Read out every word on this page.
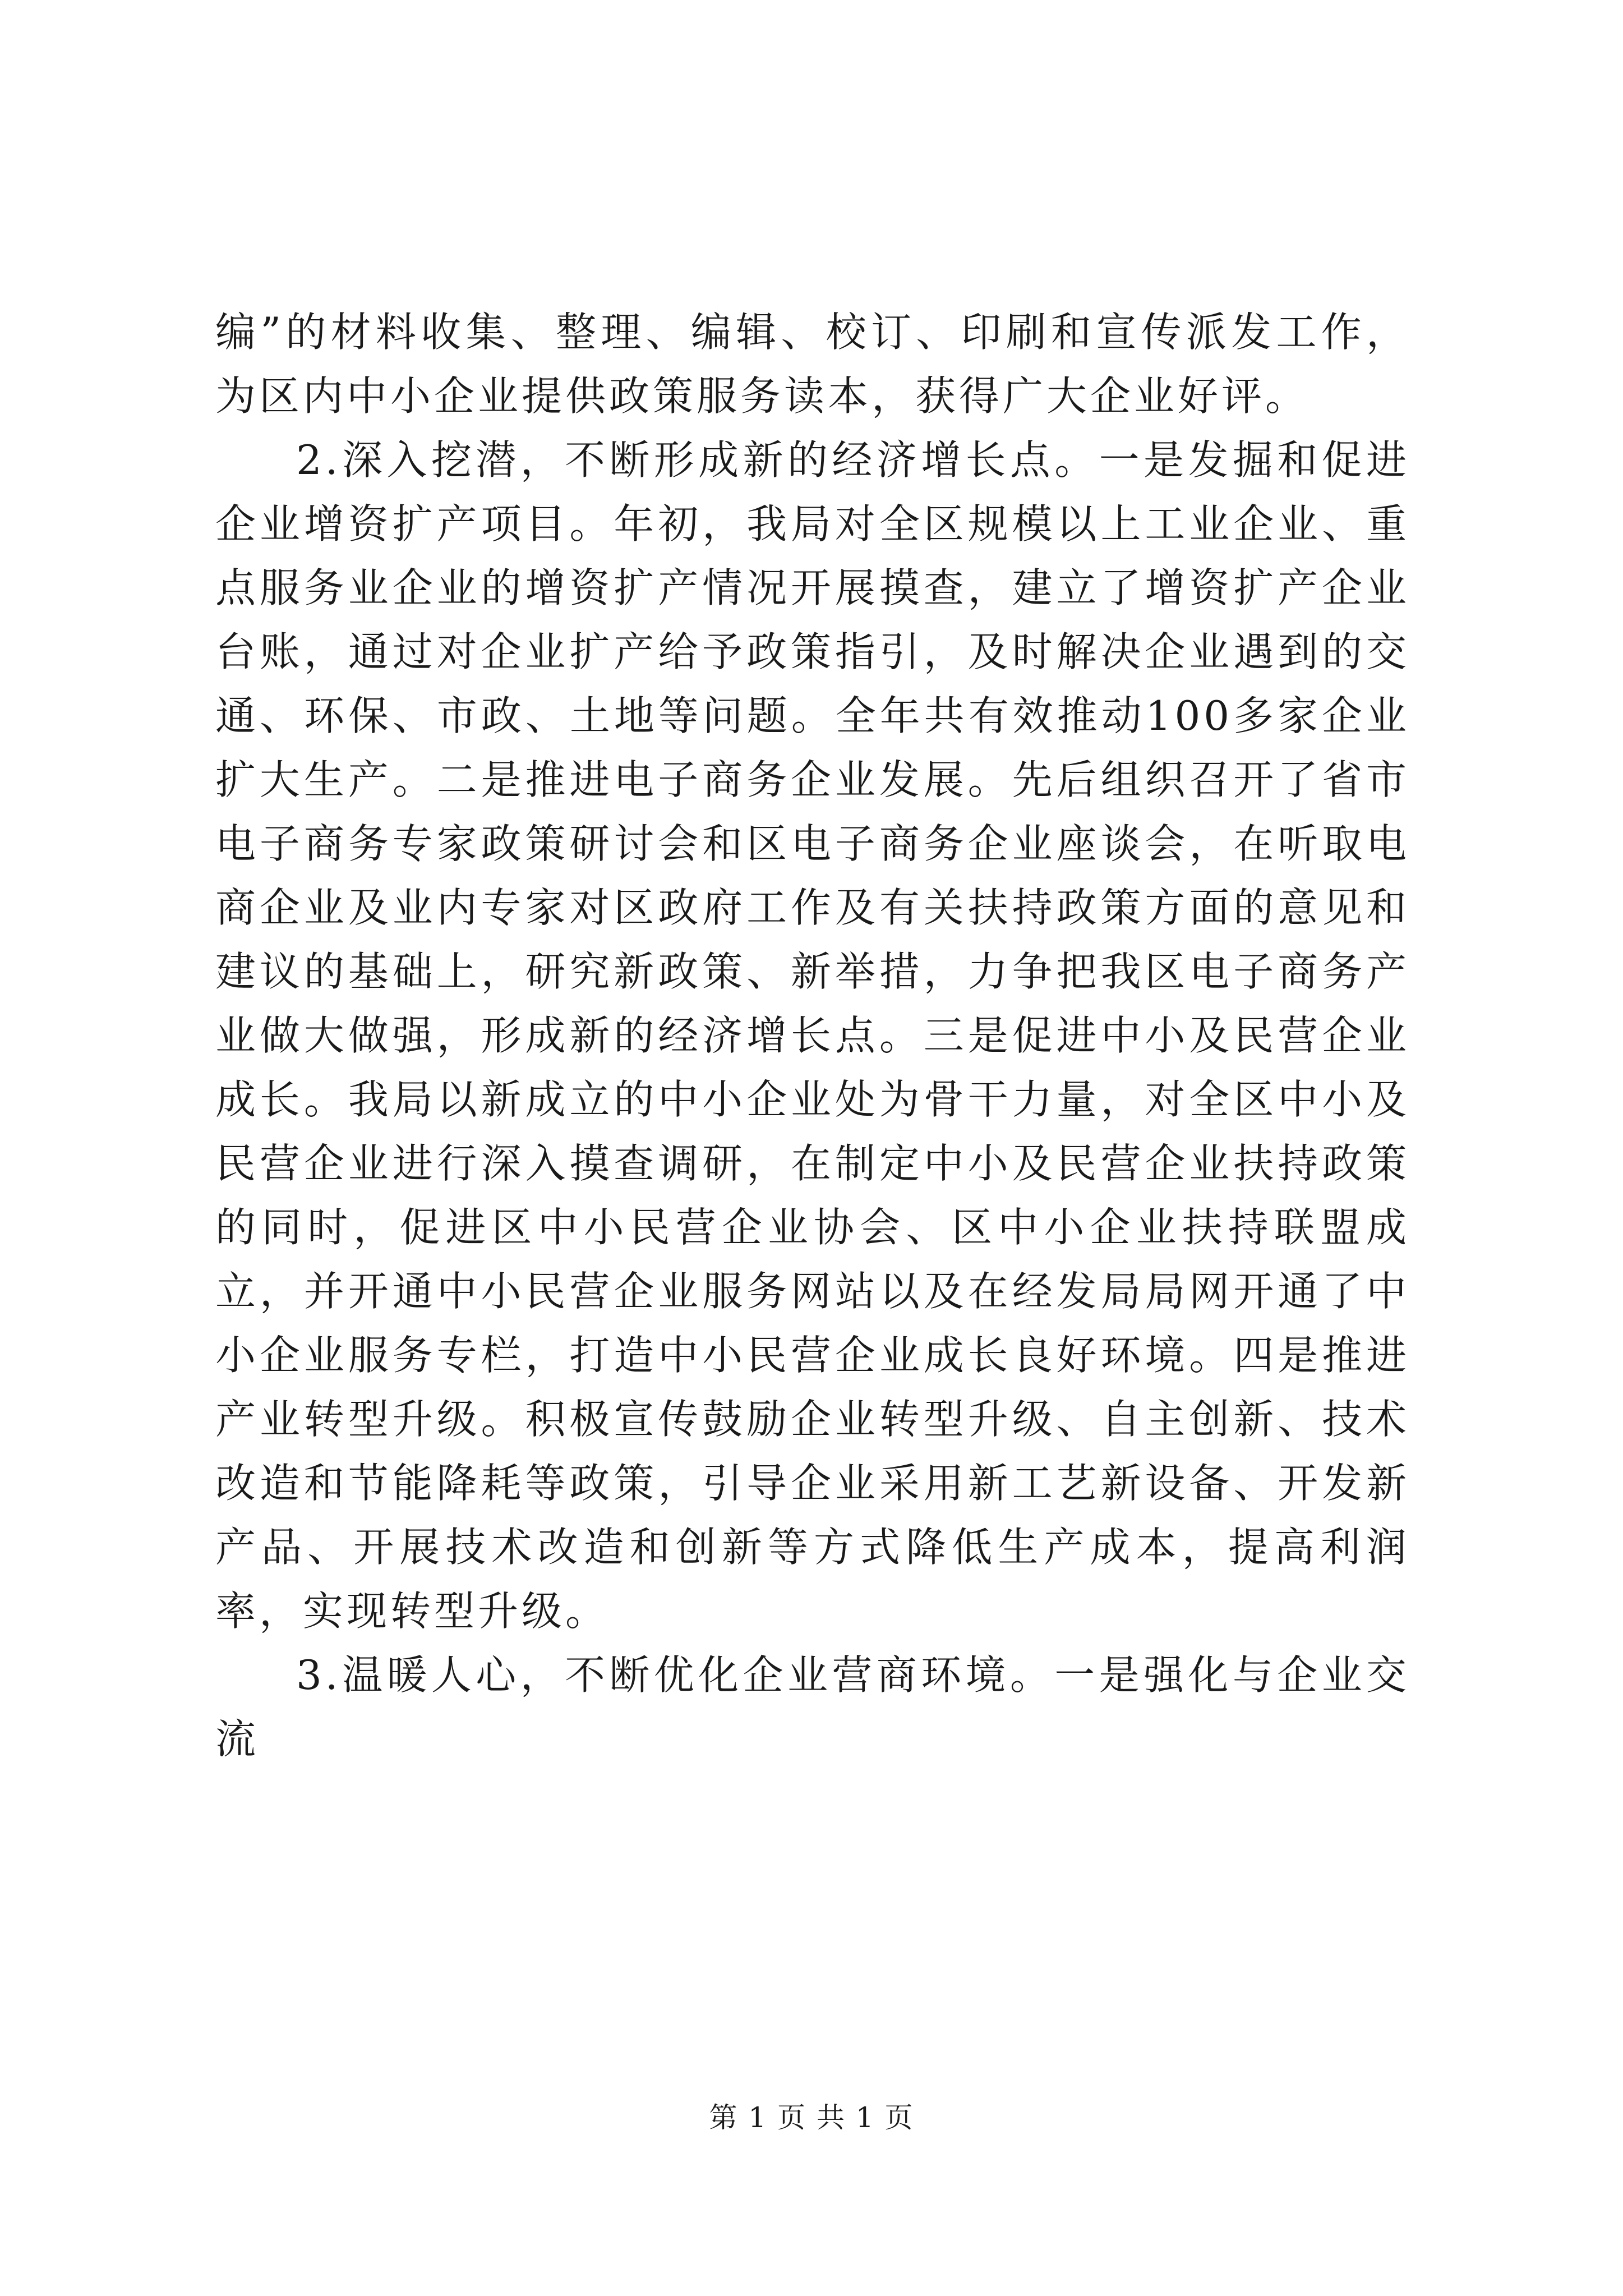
编”的材料收集、整理、编辑、校订、印刷和宣传派发工作，为区内中小企业提供政策服务读本，获得广大企业好评。

2.深入挖潜，不断形成新的经济增长点。一是发掘和促进企业增资扩产项目。年初，我局对全区规模以上工业企业、重点服务业企业的增资扩产情况开展摸查，建立了增资扩产企业台账，通过对企业扩产给予政策指引，及时解决企业遇到的交通、环保、市政、土地等问题。全年共有效推动100多家企业扩大生产。二是推进电子商务企业发展。先后组织召开了省市电子商务专家政策研讨会和区电子商务企业座谈会，在听取电商企业及业内专家对区政府工作及有关扶持政策方面的意见和建议的基础上，研究新政策、新举措，力争把我区电子商务产业做大做强，形成新的经济增长点。三是促进中小及民营企业成长。我局以新成立的中小企业处为骨干力量，对全区中小及民营企业进行深入摸查调研，在制定中小及民营企业扶持政策的同时，促进区中小民营企业协会、区中小企业扶持联盟成立，并开通中小民营企业服务网站以及在经发局局网开通了中小企业服务专栏，打造中小民营企业成长良好环境。四是推进产业转型升级。积极宣传鼓励企业转型升级、自主创新、技术改造和节能降耗等政策，引导企业采用新工艺新设备、开发新产品、开展技术改造和创新等方式降低生产成本，提高利润率，实现转型升级。

3.温暖人心，不断优化企业营商环境。一是强化与企业交流

第 1 页 共 1 页
